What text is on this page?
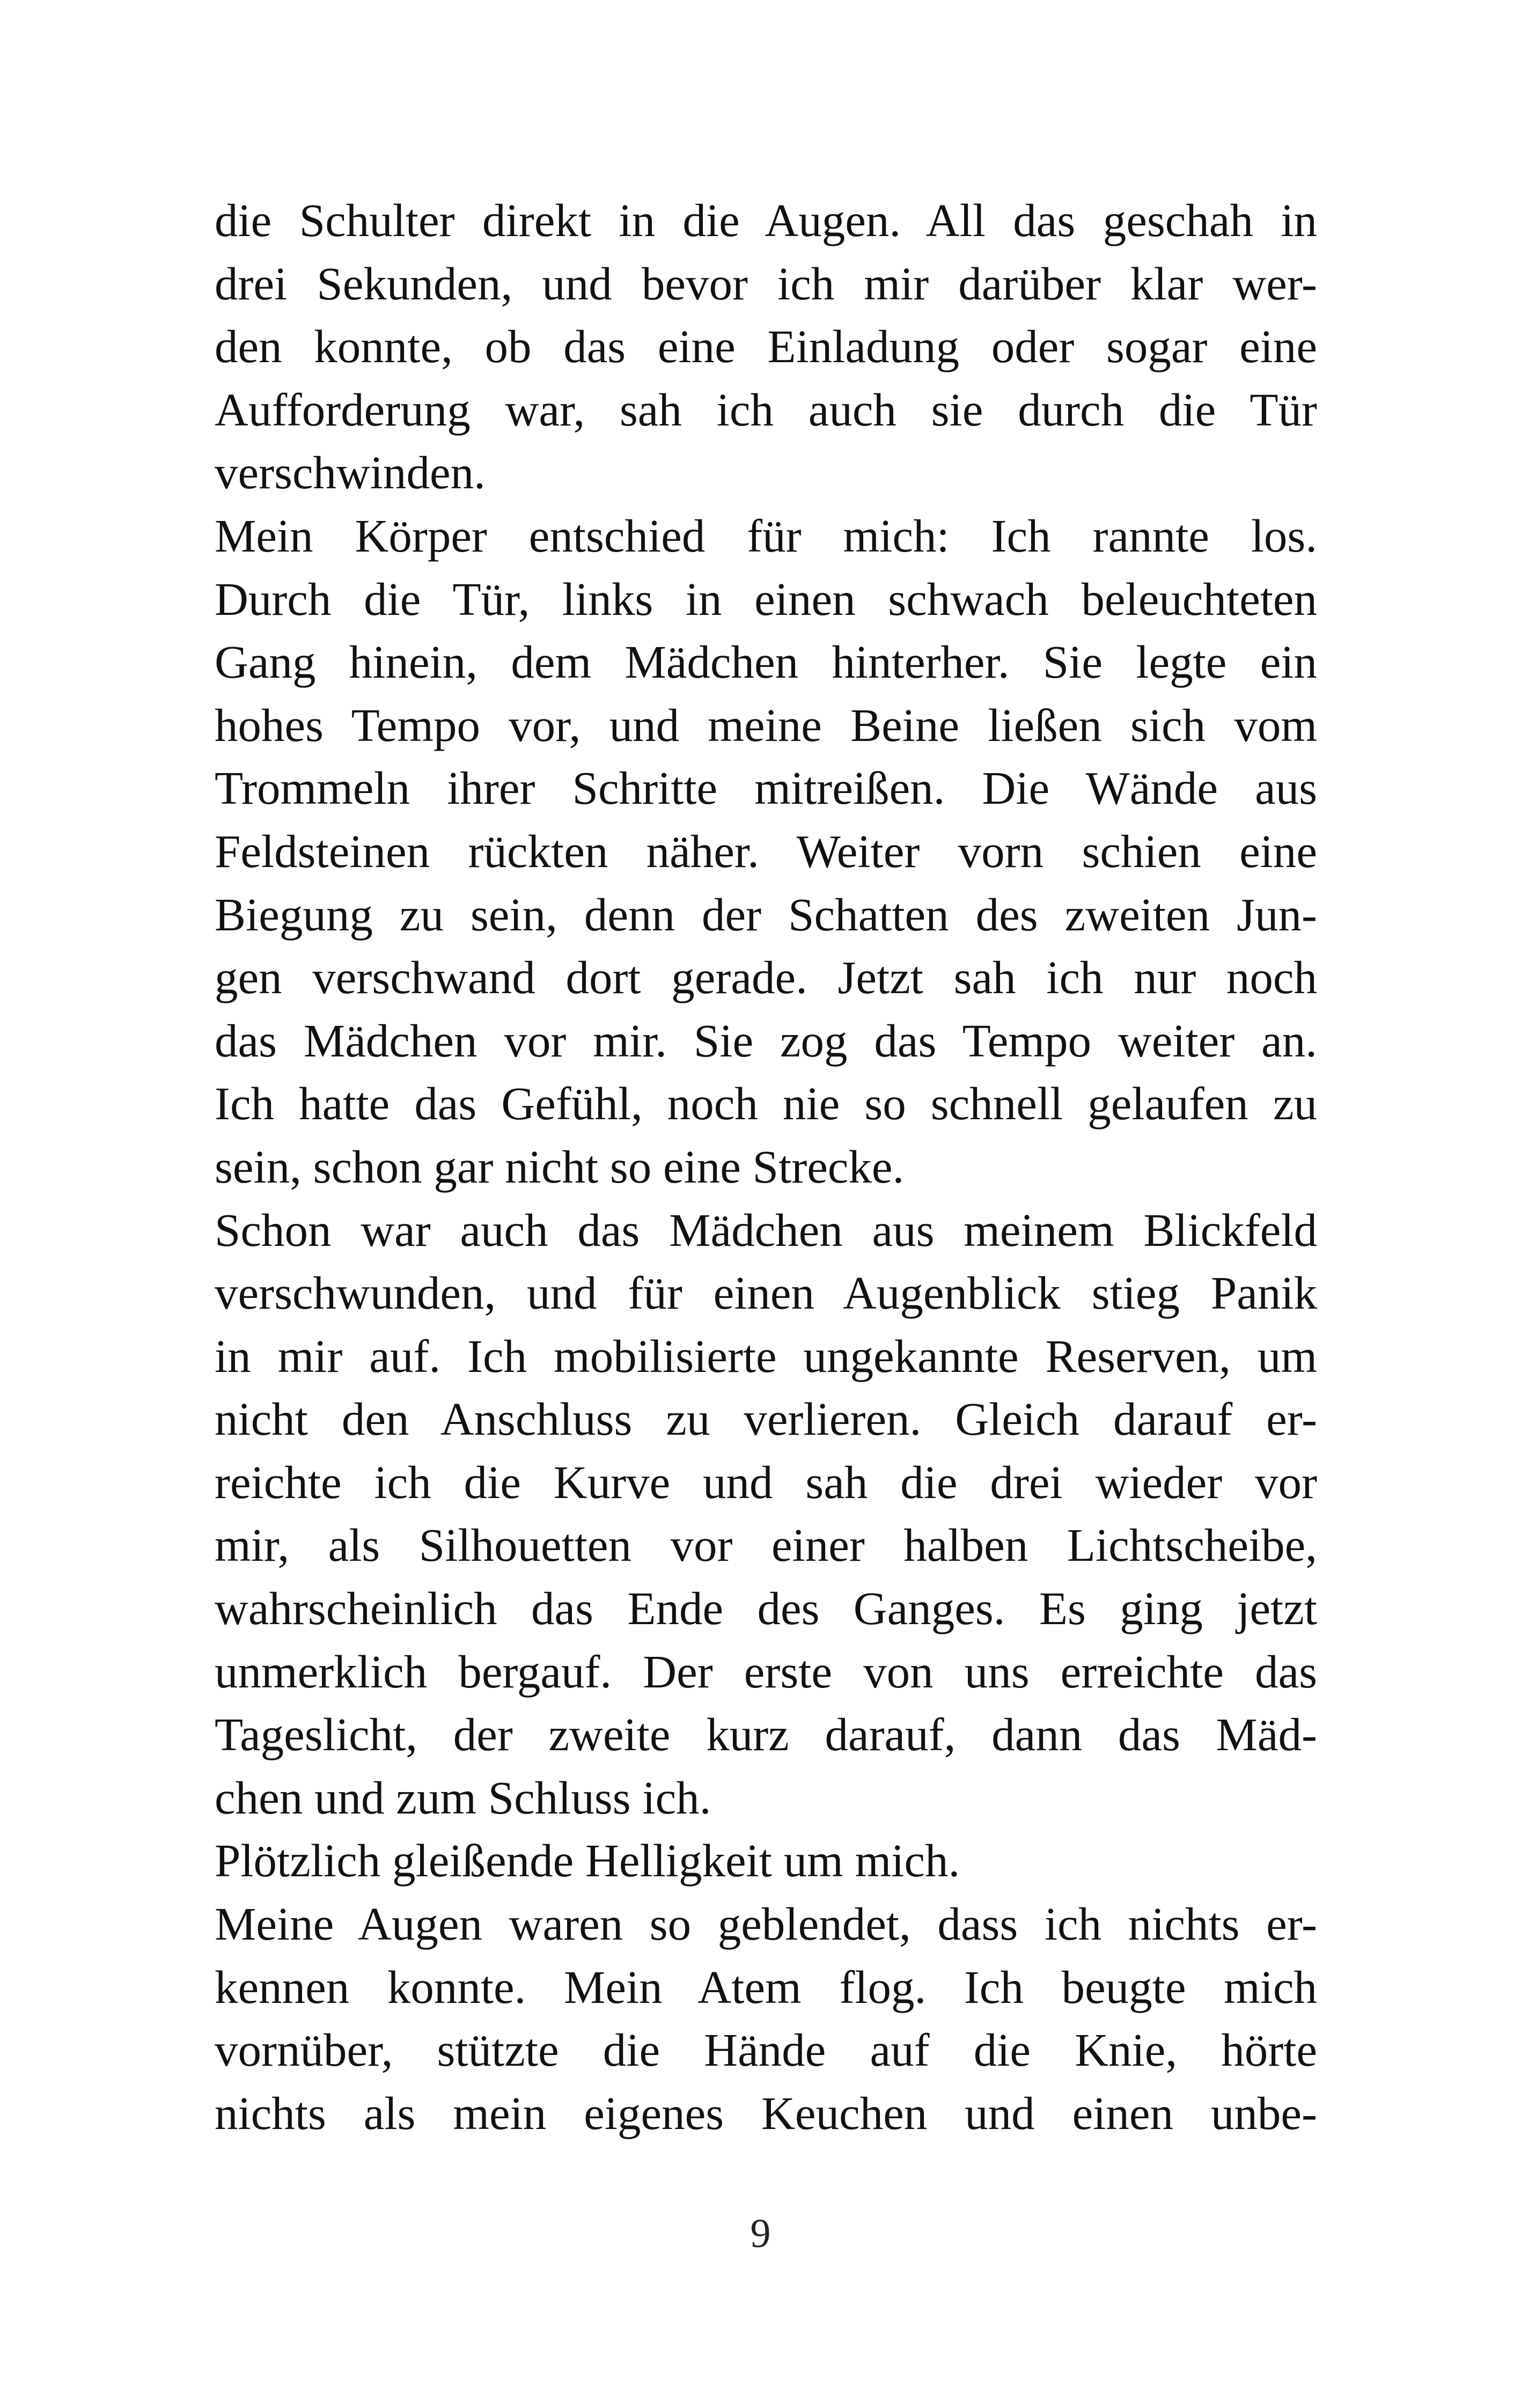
die Schulter direkt in die Augen. All das geschah in
drei Sekunden, und bevor ich mir darüber klar wer-
den konnte, ob das eine Einladung oder sogar eine
Aufforderung war, sah ich auch sie durch die Tür
verschwinden.
Mein Körper entschied für mich: Ich rannte los.
Durch die Tür, links in einen schwach beleuchteten
Gang hinein, dem Mädchen hinterher. Sie legte ein
hohes Tempo vor, und meine Beine ließen sich vom
Trommeln ihrer Schritte mitreißen. Die Wände aus
Feldsteinen rückten näher. Weiter vorn schien eine
Biegung zu sein, denn der Schatten des zweiten Jun-
gen verschwand dort gerade. Jetzt sah ich nur noch
das Mädchen vor mir. Sie zog das Tempo weiter an.
Ich hatte das Gefühl, noch nie so schnell gelaufen zu
sein, schon gar nicht so eine Strecke.
Schon war auch das Mädchen aus meinem Blickfeld
verschwunden, und für einen Augenblick stieg Panik
in mir auf. Ich mobilisierte ungekannte Reserven, um
nicht den Anschluss zu verlieren. Gleich darauf er-
reichte ich die Kurve und sah die drei wieder vor
mir, als Silhouetten vor einer halben Lichtscheibe,
wahrscheinlich das Ende des Ganges. Es ging jetzt
unmerklich bergauf. Der erste von uns erreichte das
Tageslicht, der zweite kurz darauf, dann das Mäd-
chen und zum Schluss ich.
Plötzlich gleißende Helligkeit um mich.
Meine Augen waren so geblendet, dass ich nichts er-
kennen konnte. Mein Atem flog. Ich beugte mich
vornüber, stützte die Hände auf die Knie, hörte
nichts als mein eigenes Keuchen und einen unbe-
9
